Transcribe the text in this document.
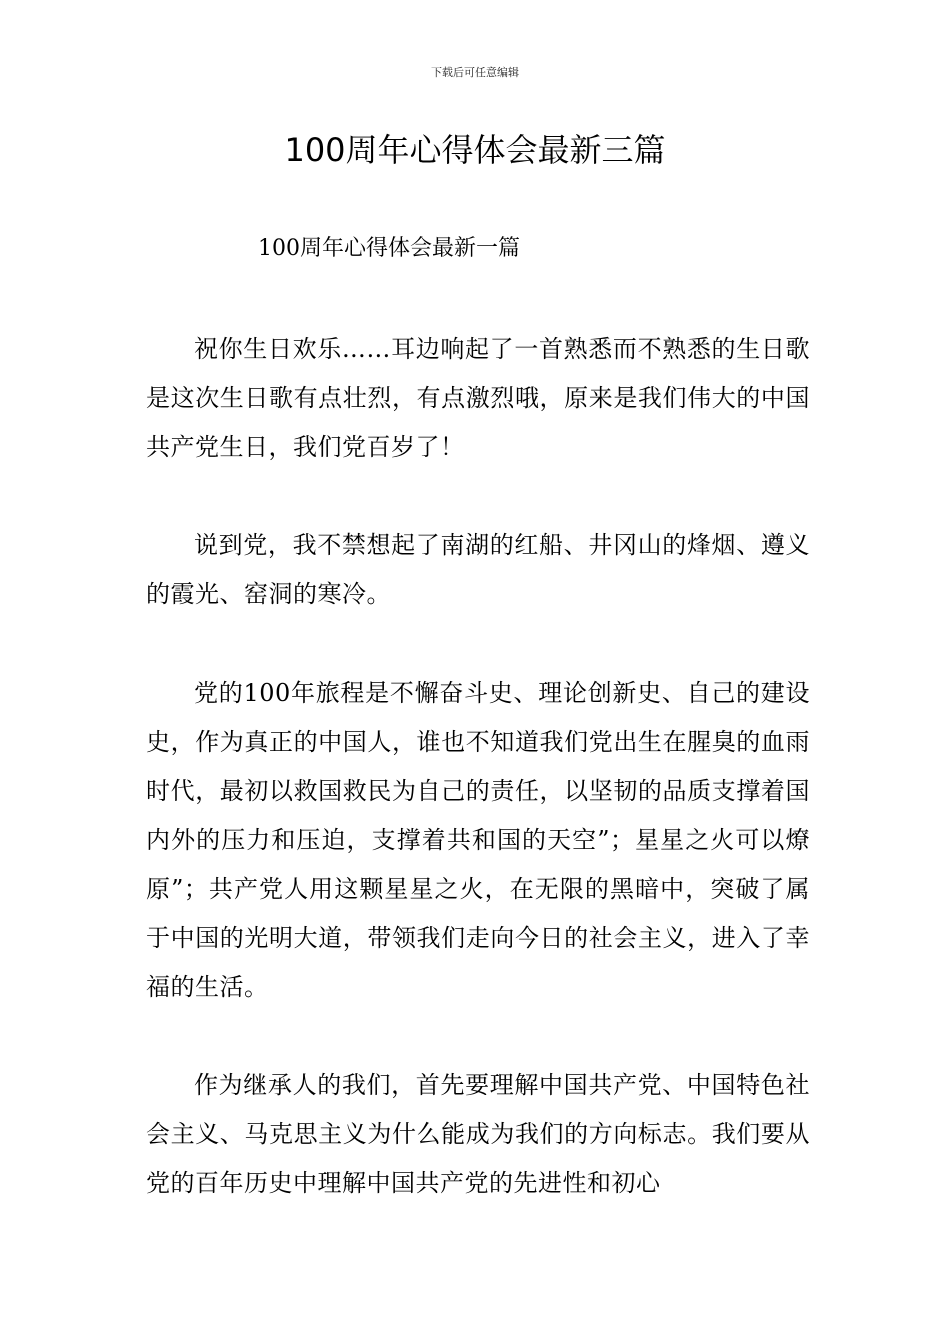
下载后可任意编辑
100周年心得体会最新三篇
100周年心得体会最新一篇

祝你生日欢乐……耳边响起了一首熟悉而不熟悉的生日歌是这次生日歌有点壮烈，有点激烈哦，原来是我们伟大的中国共产党生日，我们党百岁了！

说到党，我不禁想起了南湖的红船、井冈山的烽烟、遵义的霞光、窑洞的寒冷。

党的100年旅程是不懈奋斗史、理论创新史、自己的建设史，作为真正的中国人，谁也不知道我们党出生在腥臭的血雨时代，最初以救国救民为自己的责任，以坚韧的品质支撑着国内外的压力和压迫，支撑着共和国的天空”；星星之火可以燎原”；共产党人用这颗星星之火，在无限的黑暗中，突破了属于中国的光明大道，带领我们走向今日的社会主义，进入了幸福的生活。

作为继承人的我们，首先要理解中国共产党、中国特色社会主义、马克思主义为什么能成为我们的方向标志。我们要从党的百年历史中理解中国共产党的先进性和初心
